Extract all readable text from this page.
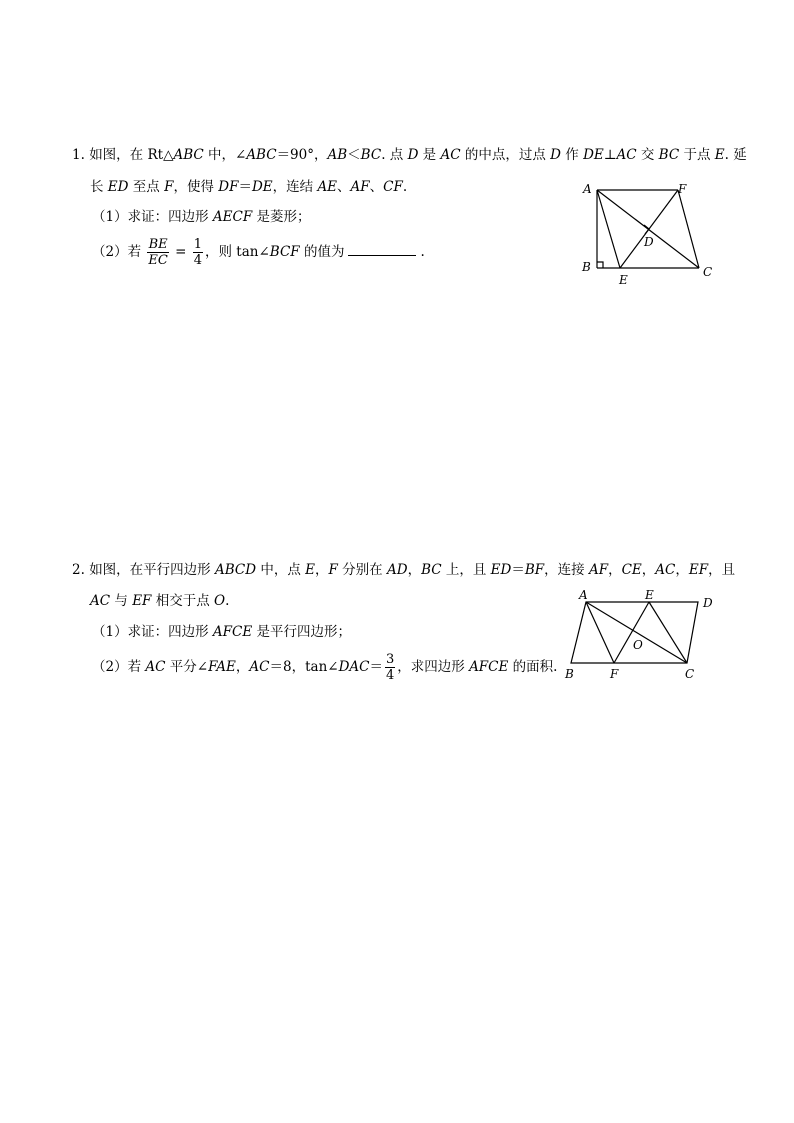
1. 如图，在 Rt△ABC 中，∠ABC＝90°，AB＜BC. 点 D 是 AC 的中点，过点 D 作 DE⊥AC 交 BC 于点 E. 延
长 ED 至点 F，使得 DF＝DE，连结 AE、AF、CF.
（1）求证：四边形 AECF 是菱形；
（2）若 $\frac{BE}{EC} = \frac{1}{4}$ ，则 tan∠BCF 的值为	.
A	F
D
B
E
C
2. 如图，在平行四边形 ABCD 中，点 E，F 分别在 AD，BC 上，且 ED＝BF，连接 AF，CE，AC，EF，且
AC 与 EF 相交于点 O.
（1）求证：四边形 AFCE 是平行四边形；
（2）若 AC 平分∠FAE，AC＝8，tan∠DAC＝ $\frac{3}{4}$ ，求四边形 AFCE 的面积.
A	E
D
O
B	F	C
